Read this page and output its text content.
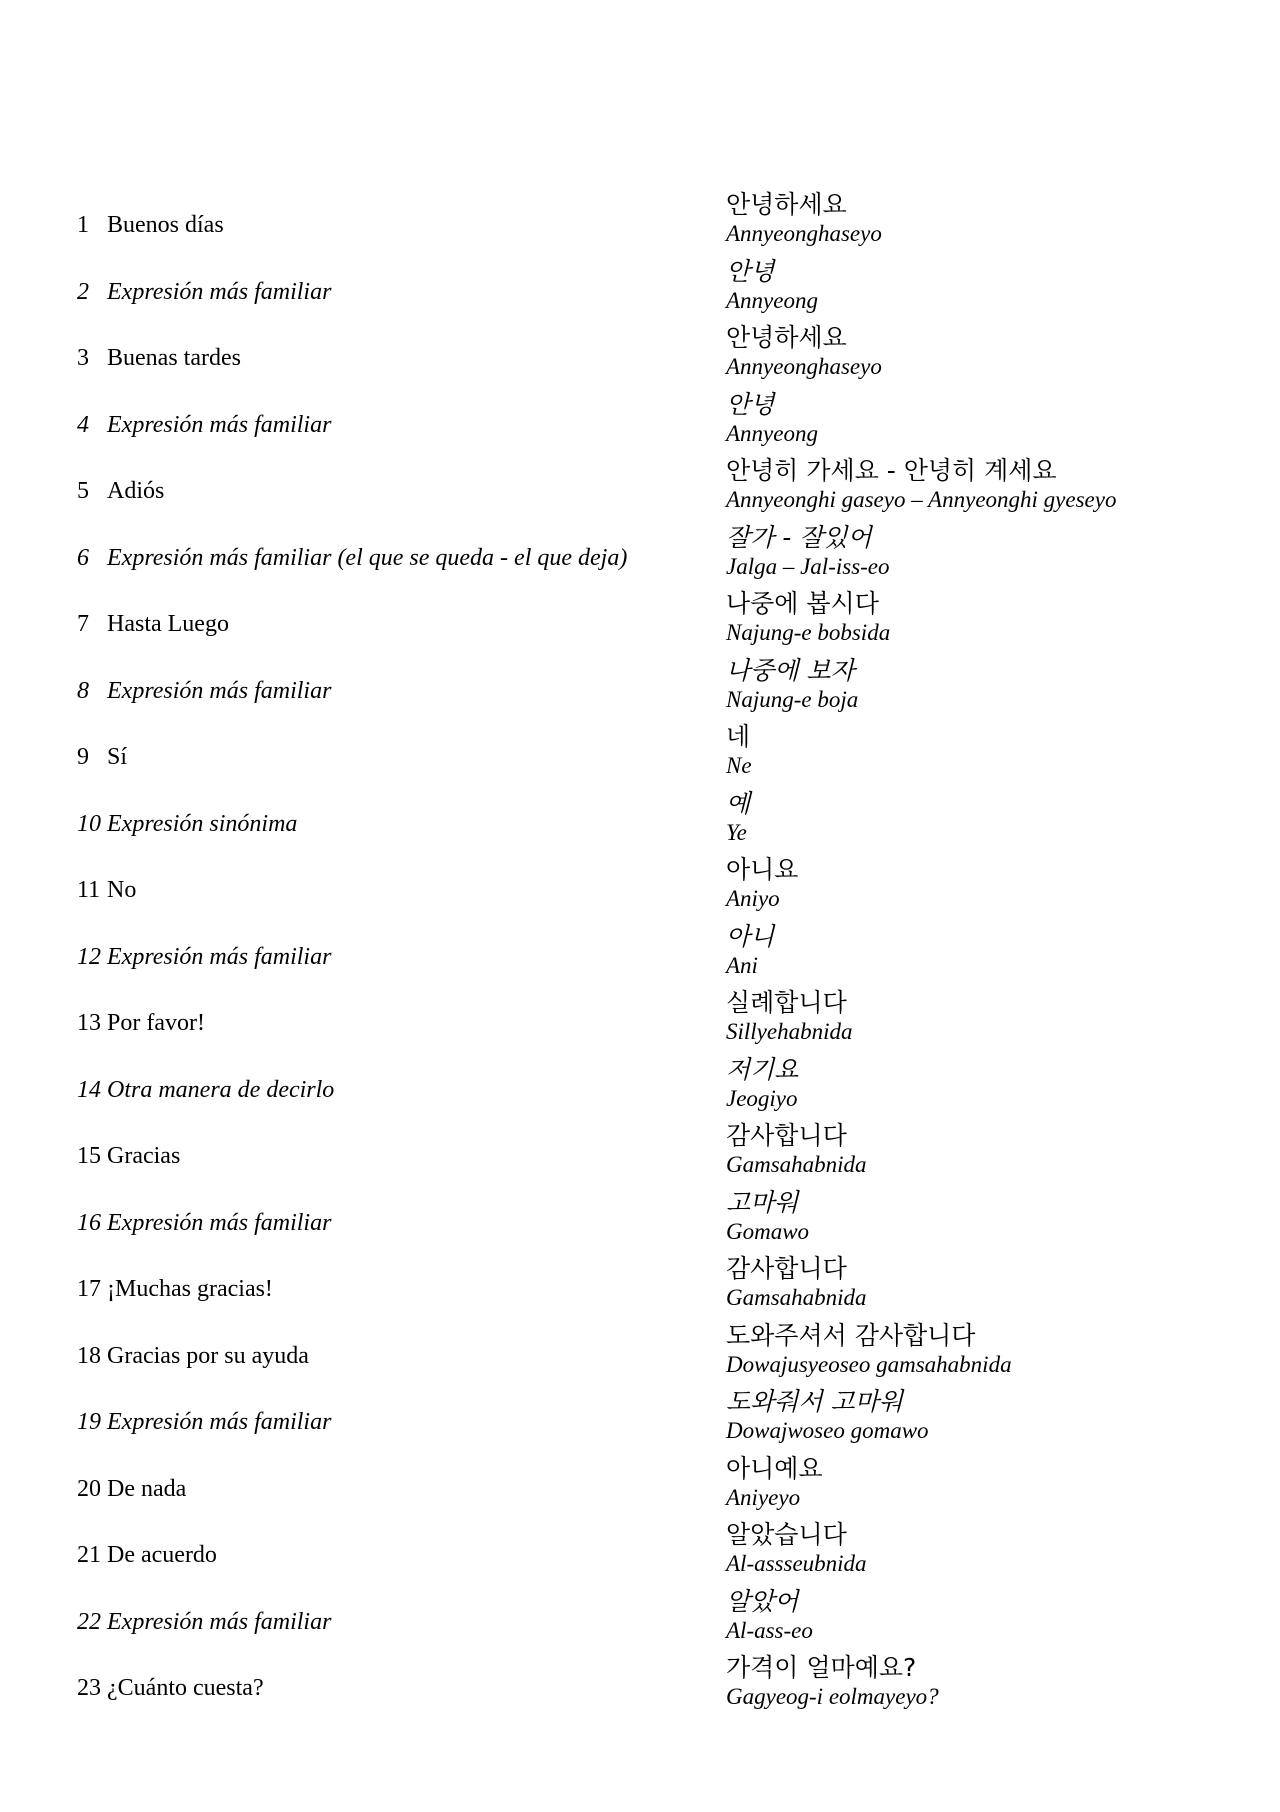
1 Buenos días
안녕하세요
Annyeonghaseyo
2 Expresión más familiar
안녕
Annyeong
3 Buenas tardes
안녕하세요
Annyeonghaseyo
4 Expresión más familiar
안녕
Annyeong
5 Adiós
안녕히 가세요 - 안녕히 계세요
Annyeonghi gaseyo – Annyeonghi gyeseyo
6 Expresión más familiar (el que se queda - el que deja)
잘가 - 잘있어
Jalga – Jal-iss-eo
7 Hasta Luego
나중에 봅시다
Najung-e bobsida
8 Expresión más familiar
나중에 보자
Najung-e boja
9 Sí
네
Ne
10 Expresión sinónima
예
Ye
11 No
아니요
Aniyo
12 Expresión más familiar
아니
Ani
13 Por favor!
실례합니다
Sillyehabnida
14 Otra manera de decirlo
저기요
Jeogiyo
15 Gracias
감사합니다
Gamsahabnida
16 Expresión más familiar
고마워
Gomawo
17 ¡Muchas gracias!
감사합니다
Gamsahabnida
18 Gracias por su ayuda
도와주셔서 감사합니다
Dowajusyeoseo gamsahabnida
19 Expresión más familiar
도와줘서 고마워
Dowajwoseo gomawo
20 De nada
아니예요
Aniyeyo
21 De acuerdo
알았습니다
Al-assseubnida
22 Expresión más familiar
알았어
Al-ass-eo
23 ¿Cuánto cuesta?
가격이 얼마예요?
Gagyeog-i eolmayeyo?
